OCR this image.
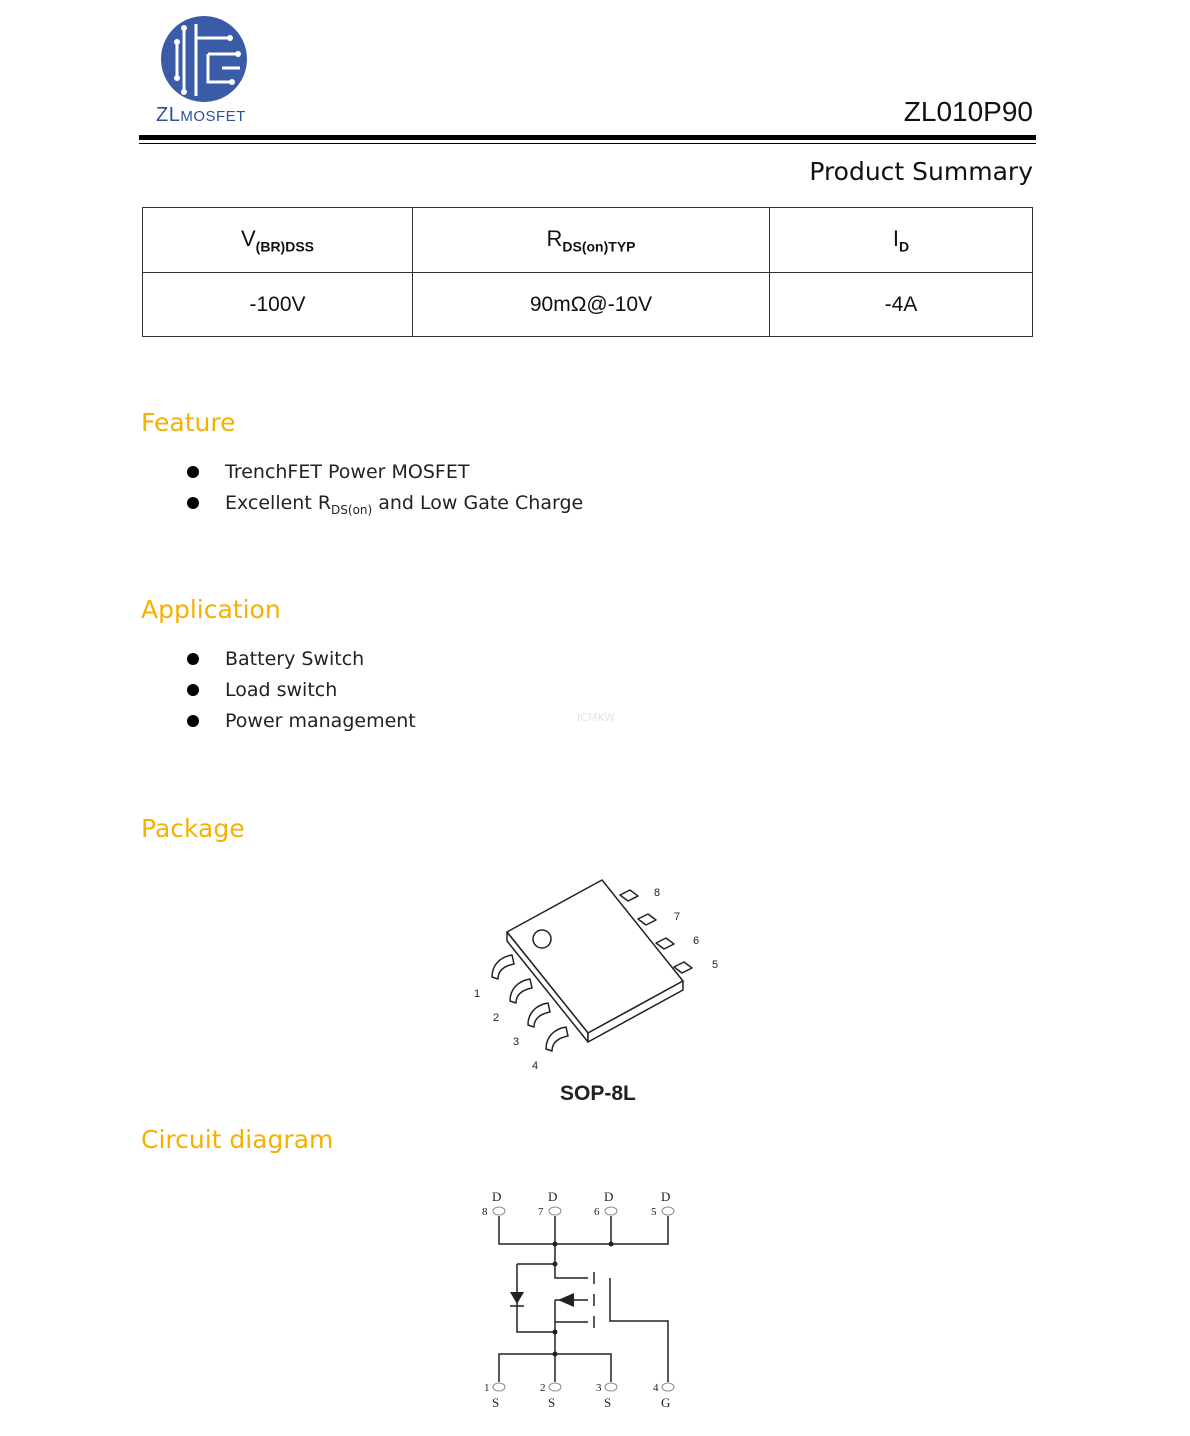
ZLMOSFET	ZL010P90
Product Summary
$V_{(BR)DSS}$	$R_{DS(on)TYP}$	$I_D$
-100V	90mΩ@-10V	-4A
Feature
TrenchFET Power MOSFET
Excellent $R_{DS(on)}$ and Low Gate Charge
Application
Battery Switch
Load switch
Power management	ICMKW
Package
1
2
3
4
5
6
7
8
SOP-8L
Circuit diagram
D	D	D	D
S	S	S	G
8	7	6	5
1	2	3	4
